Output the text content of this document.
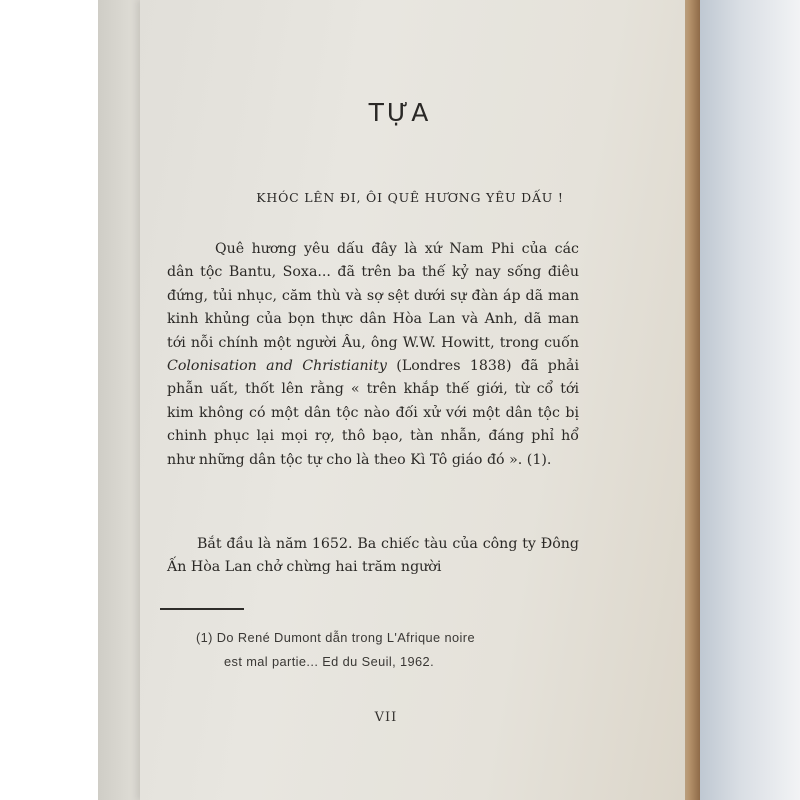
TỰA
KHÓC LÊN ĐI, ÔI QUÊ HƯƠNG YÊU DẤU !
Quê hương yêu dấu đây là xứ Nam Phi của các dân tộc Bantu, Soxa... đã trên ba thế kỷ nay sống điêu đứng, tủi nhục, căm thù và sợ sệt dưới sự đàn áp dã man kinh khủng của bọn thực dân Hòa Lan và Anh, dã man tới nỗi chính một người Âu, ông W.W. Howitt, trong cuốn Colonisation and Christianity (Londres 1838) đã phải phẫn uất, thốt lên rằng « trên khắp thế giới, từ cổ tới kim không có một dân tộc nào đối xử với một dân tộc bị chinh phục lại mọi rợ, thô bạo, tàn nhẫn, đáng phỉ hổ như những dân tộc tự cho là theo Kì Tô giáo đó ». (1).
Bắt đầu là năm 1652. Ba chiếc tàu của công ty Đông Ấn Hòa Lan chở chừng hai trăm người
(1) Do René Dumont dẫn trong L'Afrique noire
est mal partie... Ed du Seuil, 1962.
VII
